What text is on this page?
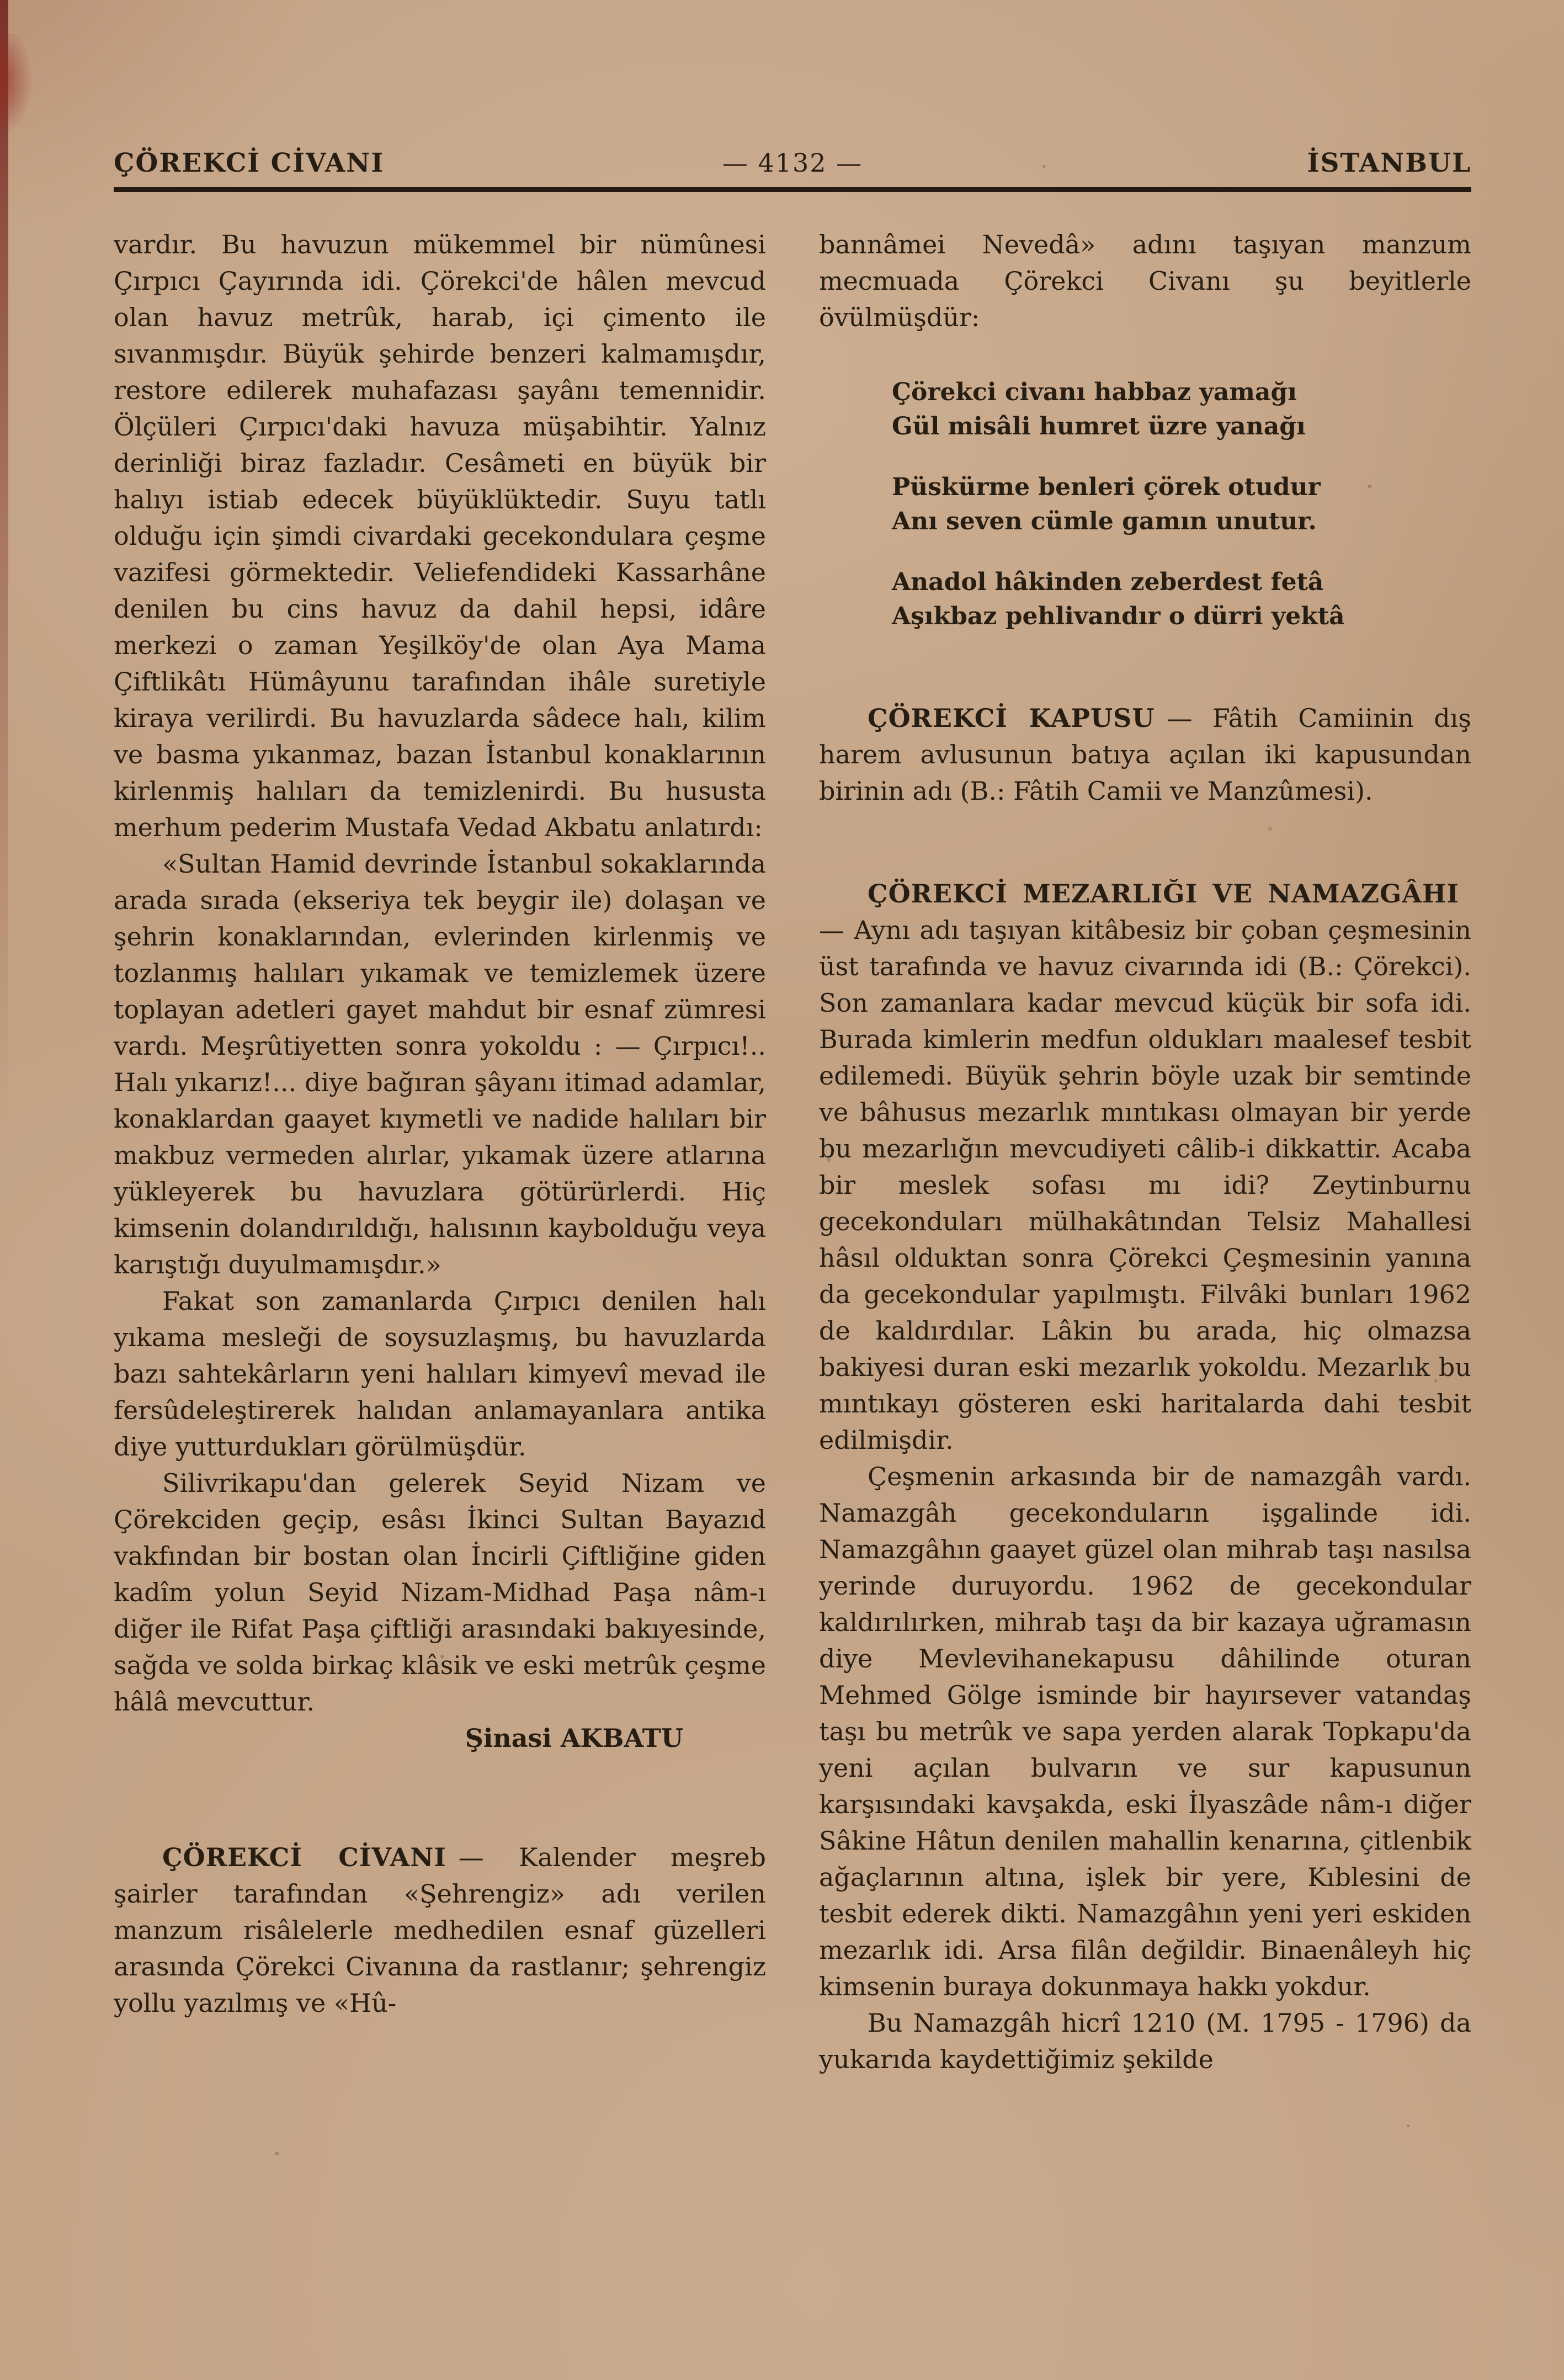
ÇÖREKCİ CİVANI	— 4132 —	İSTANBUL

vardır. Bu havuzun mükemmel bir nümûnesi Çırpıcı Çayırında idi. Çörekci'de hâlen mevcud olan havuz metrûk, harab, içi çimento ile sıvanmışdır. Büyük şehirde benzeri kalmamışdır, restore edilerek muhafazası şayânı temennidir. Ölçüleri Çırpıcı'daki havuza müşabihtir. Yalnız derinliği biraz fazladır. Cesâmeti en büyük bir halıyı istiab edecek büyüklüktedir. Suyu tatlı olduğu için şimdi civardaki gecekondulara çeşme vazifesi görmektedir. Veliefendideki Kassarhâne denilen bu cins havuz da dahil hepsi, idâre merkezi o zaman Yeşilköy'de olan Aya Mama Çiftlikâtı Hümâyunu tarafından ihâle suretiyle kiraya verilirdi. Bu havuzlarda sâdece halı, kilim ve basma yıkanmaz, bazan İstanbul konaklarının kirlenmiş halıları da temizlenirdi. Bu hususta merhum pederim Mustafa Vedad Akbatu anlatırdı:

«Sultan Hamid devrinde İstanbul sokaklarında arada sırada (ekseriya tek beygir ile) dolaşan ve şehrin konaklarından, evlerinden kirlenmiş ve tozlanmış halıları yıkamak ve temizlemek üzere toplayan adetleri gayet mahdut bir esnaf zümresi vardı. Meşrûtiyetten sonra yokoldu : — Çırpıcı!.. Halı yıkarız!... diye bağıran şâyanı itimad adamlar, konaklardan gaayet kıymetli ve nadide halıları bir makbuz vermeden alırlar, yıkamak üzere atlarına yükleyerek bu havuzlara götürürlerdi. Hiç kimsenin dolandırıldığı, halısının kaybolduğu veya karıştığı duyulmamışdır.»

Fakat son zamanlarda Çırpıcı denilen halı yıkama mesleği de soysuzlaşmış, bu havuzlarda bazı sahtekârların yeni halıları kimyevî mevad ile fersûdeleştirerek halıdan anlamayanlara antika diye yutturdukları görülmüşdür.

Silivrikapu'dan gelerek Seyid Nizam ve Çörekciden geçip, esâsı İkinci Sultan Bayazıd vakfından bir bostan olan İncirli Çiftliğine giden kadîm yolun Seyid Nizam-Midhad Paşa nâm-ı diğer ile Rifat Paşa çiftliği arasındaki bakıyesinde, sağda ve solda birkaç klâsik ve eski metrûk çeşme hâlâ mevcuttur.

Şinasi AKBATU

ÇÖREKCİ CİVANI — Kalender meşreb şairler tarafından «Şehrengiz» adı verilen manzum risâlelerle medhedilen esnaf güzelleri arasında Çörekci Civanına da rastlanır; şehrengiz yollu yazılmış ve «Hû-

bannâmei Nevedâ» adını taşıyan manzum mecmuada Çörekci Civanı şu beyitlerle övülmüşdür:

Çörekci civanı habbaz yamağı
Gül misâli humret üzre yanağı
Püskürme benleri çörek otudur
Anı seven cümle gamın unutur.
Anadol hâkinden zeberdest fetâ
Aşıkbaz pehlivandır o dürri yektâ

ÇÖREKCİ KAPUSU — Fâtih Camiinin dış harem avlusunun batıya açılan iki kapusundan birinin adı (B.: Fâtih Camii ve Manzûmesi).

ÇÖREKCİ MEZARLIĞI VE NAMAZGÂHI— Aynı adı taşıyan kitâbesiz bir çoban çeşmesinin üst tarafında ve havuz civarında idi (B.: Çörekci). Son zamanlara kadar mevcud küçük bir sofa idi. Burada kimlerin medfun oldukları maalesef tesbit edilemedi. Büyük şehrin böyle uzak bir semtinde ve bâhusus mezarlık mıntıkası olmayan bir yerde bu mezarlığın mevcudiyeti câlib-i dikkattir. Acaba bir meslek sofası mı idi? Zeytinburnu gecekonduları mülhakâtından Telsiz Mahallesi hâsıl olduktan sonra Çörekci Çeşmesinin yanına da gecekondular yapılmıştı. Filvâki bunları 1962 de kaldırdılar. Lâkin bu arada, hiç olmazsa bakiyesi duran eski mezarlık yokoldu. Mezarlık bu mıntıkayı gösteren eski haritalarda dahi tesbit edilmişdir.

Çeşmenin arkasında bir de namazgâh vardı. Namazgâh gecekonduların işgalinde idi. Namazgâhın gaayet güzel olan mihrab taşı nasılsa yerinde duruyordu. 1962 de gecekondular kaldırılırken, mihrab taşı da bir kazaya uğramasın diye Mevlevihanekapusu dâhilinde oturan Mehmed Gölge isminde bir hayırsever vatandaş taşı bu metrûk ve sapa yerden alarak Topkapu'da yeni açılan bulvarın ve sur kapusunun karşısındaki kavşakda, eski İlyaszâde nâm-ı diğer Sâkine Hâtun denilen mahallin kenarına, çitlenbik ağaçlarının altına, işlek bir yere, Kıblesini de tesbit ederek dikti. Namazgâhın yeni yeri eskiden mezarlık idi. Arsa filân değildir. Binaenâleyh hiç kimsenin buraya dokunmaya hakkı yokdur.

Bu Namazgâh hicrî 1210 (M. 1795 - 1796) da yukarıda kaydettiğimiz şekilde
